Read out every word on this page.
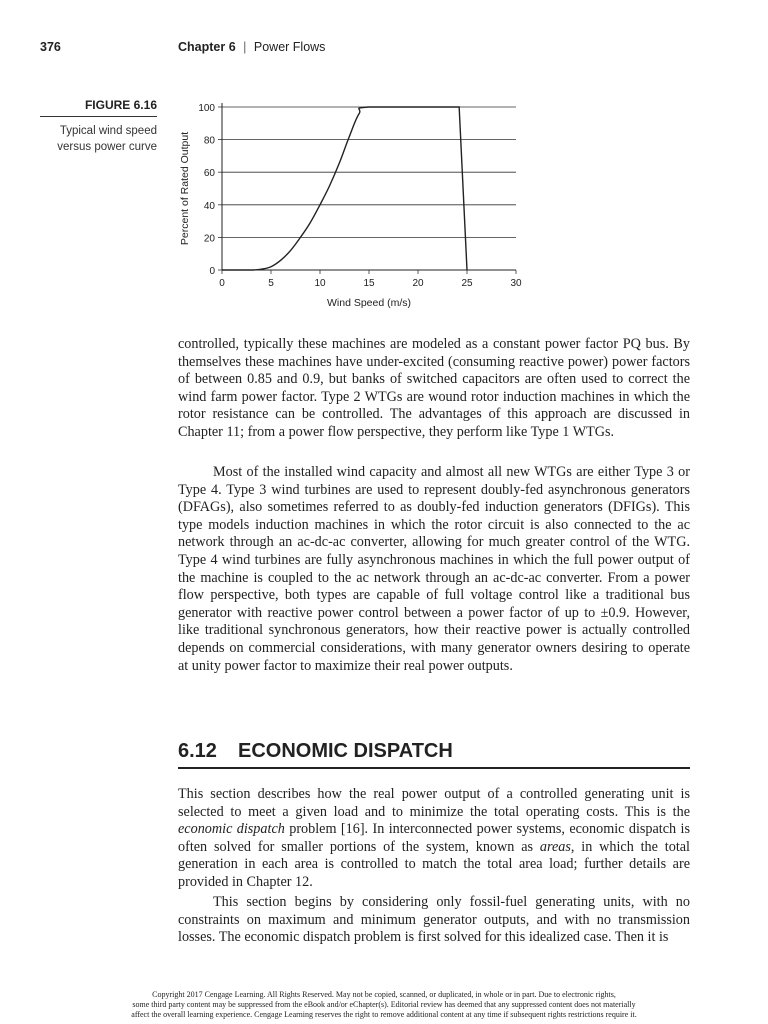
376	Chapter 6 | Power Flows
FIGURE 6.16
Typical wind speed
versus power curve
0
20
40
60
80
100
0	5	10	15	20	25	30
Wind Speed (m/s)
Percent of Rated Output

controlled, typically these machines are modeled as a constant power factor PQ bus. By themselves these machines have under-excited (consuming reactive power) power factors of between 0.85 and 0.9, but banks of switched capacitors are often used to correct the wind farm power factor. Type 2 WTGs are wound rotor induction machines in which the rotor resistance can be controlled. The advantages of this approach are discussed in Chapter 11; from a power flow perspective, they perform like Type 1 WTGs.

Most of the installed wind capacity and almost all new WTGs are either Type 3 or Type 4. Type 3 wind turbines are used to represent doubly-fed asynchronous generators (DFAGs), also sometimes referred to as doubly-fed induction generators (DFIGs). This type models induction machines in which the rotor circuit is also connected to the ac network through an ac-dc-ac converter, allowing for much greater control of the WTG. Type 4 wind turbines are fully asynchronous machines in which the full power output of the machine is coupled to the ac network through an ac-dc-ac converter. From a power flow perspective, both types are capable of full voltage control like a traditional bus generator with reactive power control between a power factor of up to ±0.9. However, like traditional synchronous generators, how their reactive power is actually controlled depends on commercial considerations, with many generator owners desiring to operate at unity power factor to maximize their real power outputs.

6.12 ECONOMIC DISPATCH

This section describes how the real power output of a controlled generating unit is selected to meet a given load and to minimize the total operating costs. This is the economic dispatch problem [16]. In interconnected power systems, economic dispatch is often solved for smaller portions of the system, known as areas, in which the total generation in each area is controlled to match the total area load; further details are provided in Chapter 12.

This section begins by considering only fossil-fuel generating units, with no constraints on maximum and minimum generator outputs, and with no transmission losses. The economic dispatch problem is first solved for this idealized case. Then it is

Copyright 2017 Cengage Learning. All Rights Reserved. May not be copied, scanned, or duplicated, in whole or in part. Due to electronic rights,
some third party content may be suppressed from the eBook and/or eChapter(s). Editorial review has deemed that any suppressed content does not materially
affect the overall learning experience. Cengage Learning reserves the right to remove additional content at any time if subsequent rights restrictions require it.
